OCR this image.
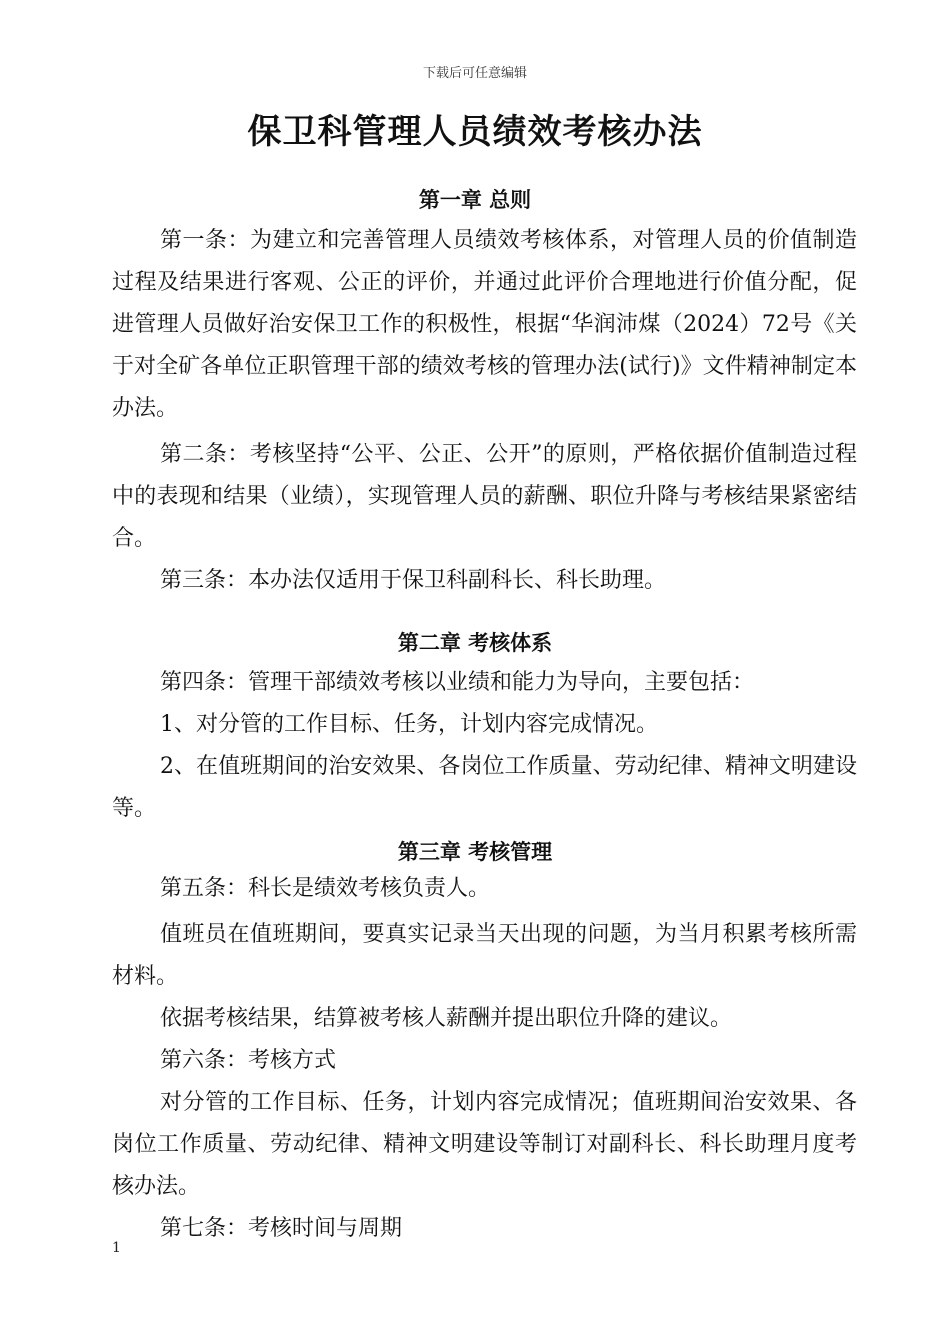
下载后可任意编辑
保卫科管理人员绩效考核办法
第一章 总则

第一条：为建立和完善管理人员绩效考核体系，对管理人员的价值制造过程及结果进行客观、公正的评价，并通过此评价合理地进行价值分配，促进管理人员做好治安保卫工作的积极性，根据“华润沛煤（2024）72号《关于对全矿各单位正职管理干部的绩效考核的管理办法(试行)》文件精神制定本办法。

第二条：考核坚持“公平、公正、公开”的原则，严格依据价值制造过程中的表现和结果（业绩），实现管理人员的薪酬、职位升降与考核结果紧密结合。

第三条：本办法仅适用于保卫科副科长、科长助理。

第二章 考核体系

第四条：管理干部绩效考核以业绩和能力为导向，主要包括：

1、对分管的工作目标、任务，计划内容完成情况。

2、在值班期间的治安效果、各岗位工作质量、劳动纪律、精神文明建设等。

第三章 考核管理

第五条：科长是绩效考核负责人。

值班员在值班期间，要真实记录当天出现的问题，为当月积累考核所需材料。

依据考核结果，结算被考核人薪酬并提出职位升降的建议。

第六条：考核方式

对分管的工作目标、任务，计划内容完成情况；值班期间治安效果、各岗位工作质量、劳动纪律、精神文明建设等制订对副科长、科长助理月度考核办法。

第七条：考核时间与周期

1
